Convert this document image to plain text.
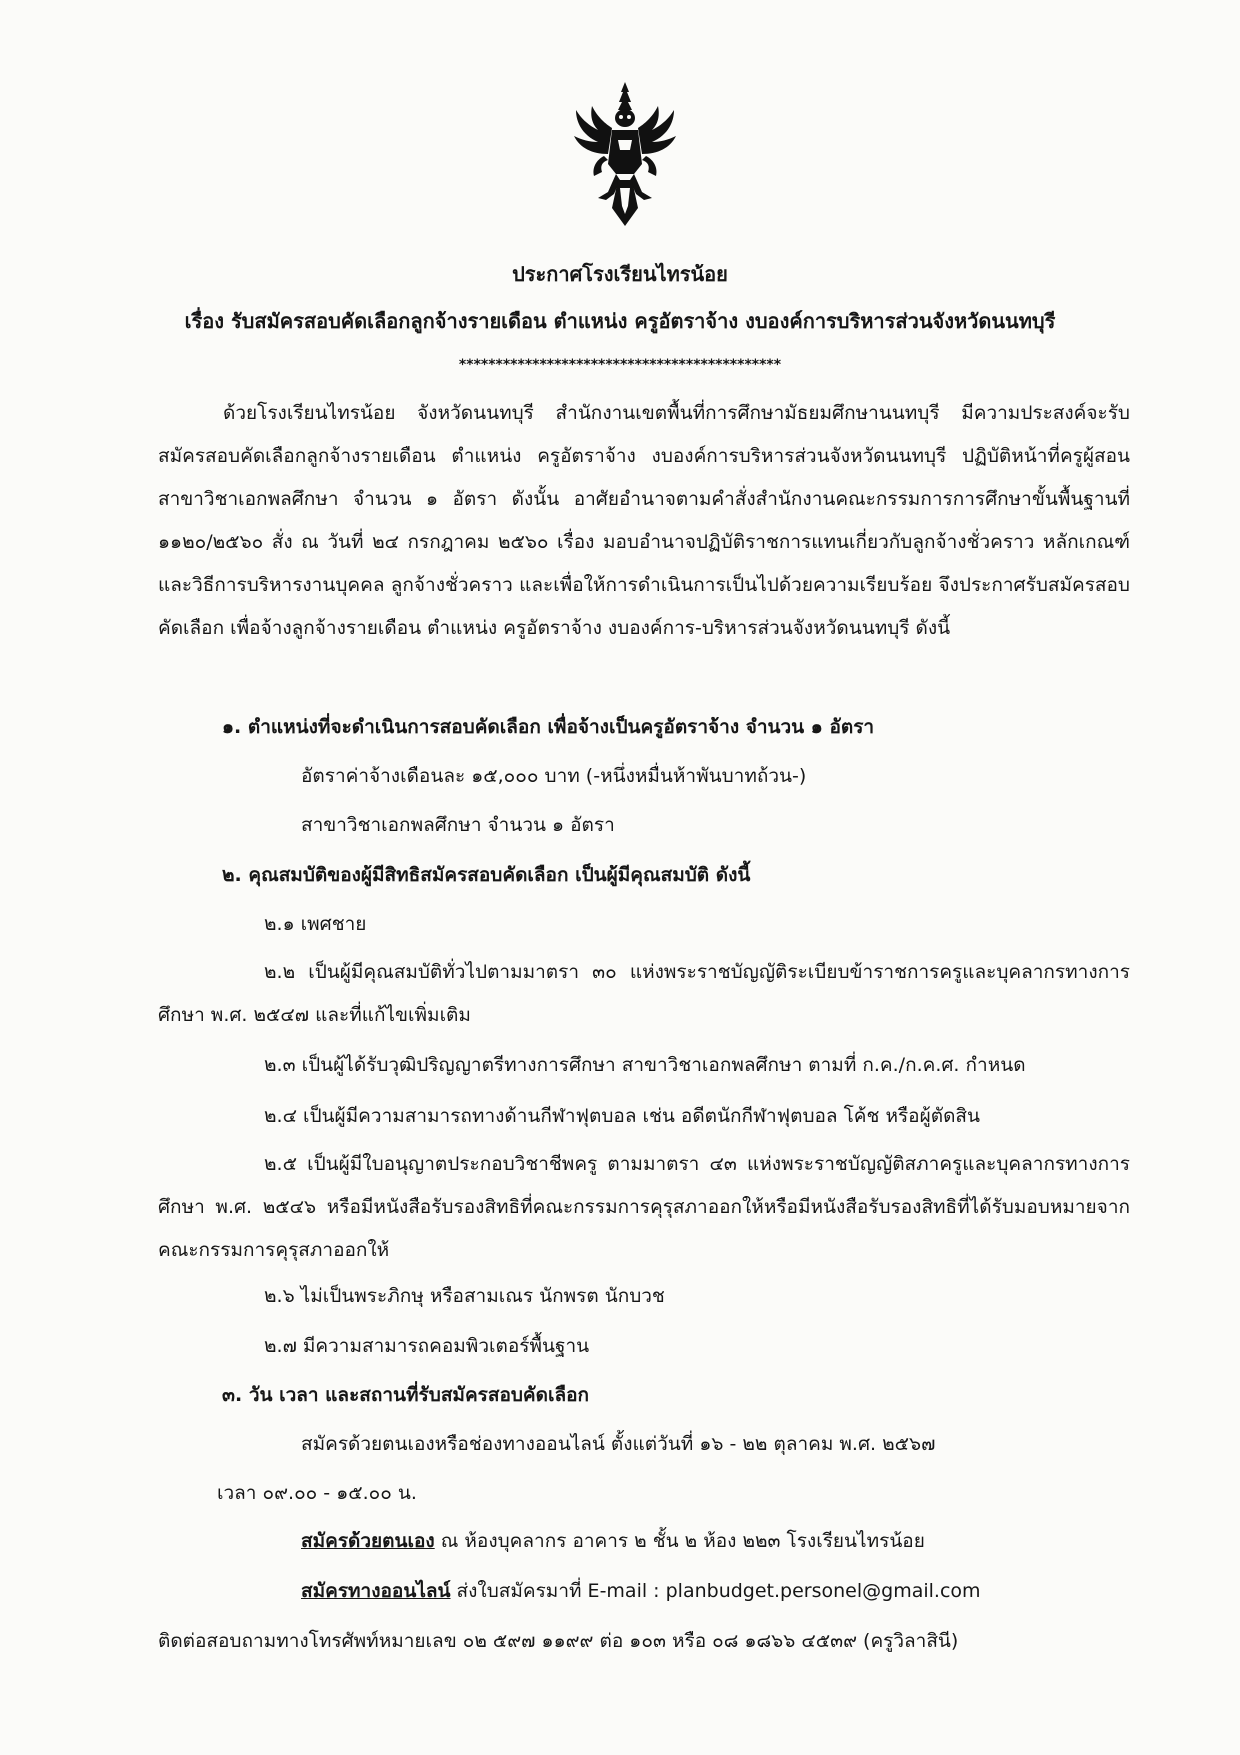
ประกาศโรงเรียนไทรน้อย
เรื่อง รับสมัครสอบคัดเลือกลูกจ้างรายเดือน ตำแหน่ง ครูอัตราจ้าง งบองค์การบริหารส่วนจังหวัดนนทบุรี
********************************************

ด้วยโรงเรียนไทรน้อย จังหวัดนนทบุรี สำนักงานเขตพื้นที่การศึกษามัธยมศึกษานนทบุรี มีความประสงค์จะรับสมัครสอบคัดเลือกลูกจ้างรายเดือน ตำแหน่ง ครูอัตราจ้าง งบองค์การบริหารส่วนจังหวัดนนทบุรี ปฏิบัติหน้าที่ครูผู้สอน สาขาวิชาเอกพลศึกษา จำนวน ๑ อัตรา ดังนั้น อาศัยอำนาจตามคำสั่งสำนักงานคณะกรรมการการศึกษาขั้นพื้นฐานที่ ๑๑๒๐/๒๕๖๐ สั่ง ณ วันที่ ๒๔ กรกฎาคม ๒๕๖๐ เรื่อง มอบอำนาจปฏิบัติราชการแทนเกี่ยวกับลูกจ้างชั่วคราว หลักเกณฑ์และวิธีการบริหารงานบุคคล ลูกจ้างชั่วคราว และเพื่อให้การดำเนินการเป็นไปด้วยความเรียบร้อย จึงประกาศรับสมัครสอบคัดเลือก เพื่อจ้างลูกจ้างรายเดือน ตำแหน่ง ครูอัตราจ้าง งบองค์การ-บริหารส่วนจังหวัดนนทบุรี ดังนี้

๑. ตำแหน่งที่จะดำเนินการสอบคัดเลือก เพื่อจ้างเป็นครูอัตราจ้าง จำนวน ๑ อัตรา
อัตราค่าจ้างเดือนละ ๑๕,๐๐๐ บาท (-หนึ่งหมื่นห้าพันบาทถ้วน-)
สาขาวิชาเอกพลศึกษา จำนวน ๑ อัตรา
๒. คุณสมบัติของผู้มีสิทธิสมัครสอบคัดเลือก เป็นผู้มีคุณสมบัติ ดังนี้
๒.๑ เพศชาย
๒.๒ เป็นผู้มีคุณสมบัติทั่วไปตามมาตรา ๓๐ แห่งพระราชบัญญัติระเบียบข้าราชการครูและบุคลากรทางการศึกษา พ.ศ. ๒๕๔๗ และที่แก้ไขเพิ่มเติม
๒.๓ เป็นผู้ได้รับวุฒิปริญญาตรีทางการศึกษา สาขาวิชาเอกพลศึกษา ตามที่ ก.ค./ก.ค.ศ. กำหนด
๒.๔ เป็นผู้มีความสามารถทางด้านกีฬาฟุตบอล เช่น อดีตนักกีฬาฟุตบอล โค้ช หรือผู้ตัดสิน
๒.๕ เป็นผู้มีใบอนุญาตประกอบวิชาชีพครู ตามมาตรา ๔๓ แห่งพระราชบัญญัติสภาครูและบุคลากรทางการศึกษา พ.ศ. ๒๕๔๖ หรือมีหนังสือรับรองสิทธิที่คณะกรรมการคุรุสภาออกให้หรือมีหนังสือรับรองสิทธิที่ได้รับมอบหมายจากคณะกรรมการคุรุสภาออกให้
๒.๖ ไม่เป็นพระภิกษุ หรือสามเณร นักพรต นักบวช
๒.๗ มีความสามารถคอมพิวเตอร์พื้นฐาน
๓. วัน เวลา และสถานที่รับสมัครสอบคัดเลือก
สมัครด้วยตนเองหรือช่องทางออนไลน์ ตั้งแต่วันที่ ๑๖ - ๒๒ ตุลาคม พ.ศ. ๒๕๖๗
เวลา ๐๙.๐๐ - ๑๕.๐๐ น.
สมัครด้วยตนเอง ณ ห้องบุคลากร อาคาร ๒ ชั้น ๒ ห้อง ๒๒๓ โรงเรียนไทรน้อย
สมัครทางออนไลน์ ส่งใบสมัครมาที่ E-mail : planbudget.personel@gmail.com
ติดต่อสอบถามทางโทรศัพท์หมายเลข ๐๒ ๕๙๗ ๑๑๙๙ ต่อ ๑๐๓ หรือ ๐๘ ๑๘๖๖ ๔๕๓๙ (ครูวิลาสินี)
